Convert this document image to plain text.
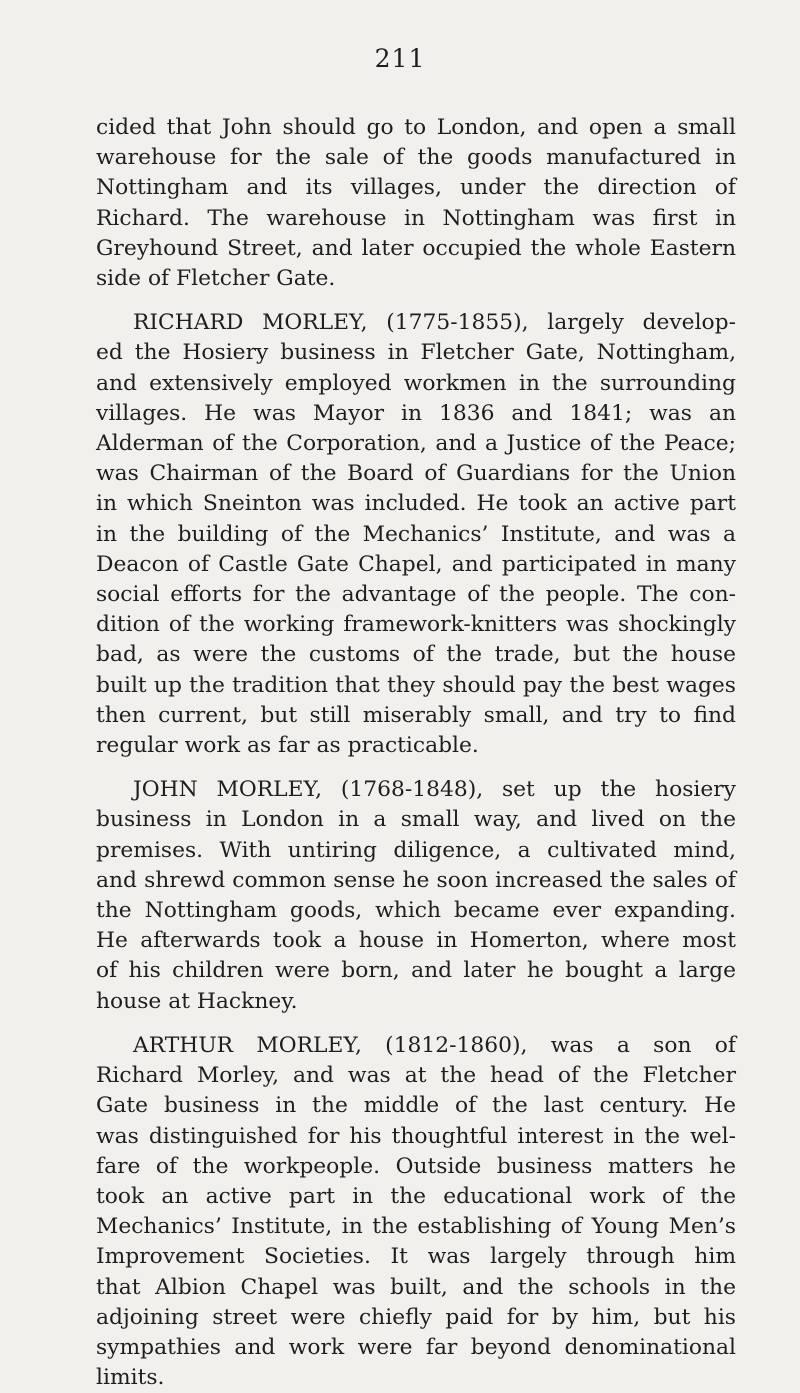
211

cided that John should go to London, and open a small
warehouse for the sale of the goods manufactured in
Nottingham and its villages, under the direction of
Richard. The warehouse in Nottingham was first in
Greyhound Street, and later occupied the whole Eastern
side of Fletcher Gate.

RICHARD MORLEY, (1775-1855), largely develop-
ed the Hosiery business in Fletcher Gate, Nottingham,
and extensively employed workmen in the surrounding
villages. He was Mayor in 1836 and 1841; was an
Alderman of the Corporation, and a Justice of the Peace;
was Chairman of the Board of Guardians for the Union
in which Sneinton was included. He took an active part
in the building of the Mechanics’ Institute, and was a
Deacon of Castle Gate Chapel, and participated in many
social efforts for the advantage of the people. The con-
dition of the working framework-knitters was shockingly
bad, as were the customs of the trade, but the house
built up the tradition that they should pay the best wages
then current, but still miserably small, and try to find
regular work as far as practicable.

JOHN MORLEY, (1768-1848), set up the hosiery
business in London in a small way, and lived on the
premises. With untiring diligence, a cultivated mind,
and shrewd common sense he soon increased the sales of
the Nottingham goods, which became ever expanding.
He afterwards took a house in Homerton, where most
of his children were born, and later he bought a large
house at Hackney.

ARTHUR MORLEY, (1812-1860), was a son of
Richard Morley, and was at the head of the Fletcher
Gate business in the middle of the last century. He
was distinguished for his thoughtful interest in the wel-
fare of the workpeople. Outside business matters he
took an active part in the educational work of the
Mechanics’ Institute, in the establishing of Young Men’s
Improvement Societies. It was largely through him
that Albion Chapel was built, and the schools in the
adjoining street were chiefly paid for by him, but his
sympathies and work were far beyond denominational
limits.
